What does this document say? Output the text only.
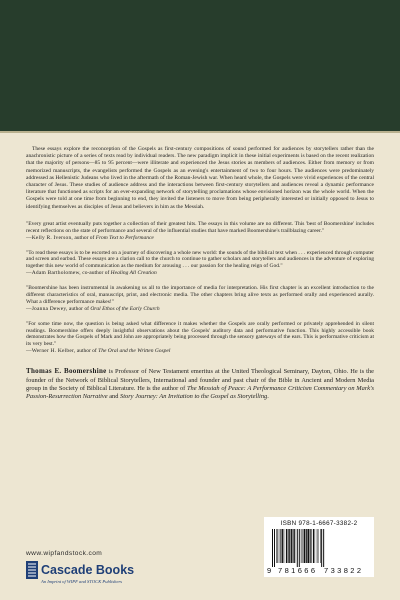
These essays explore the reconception of the Gospels as first-century compositions of sound performed for audiences by storytellers rather than the anachronistic picture of a series of texts read by individual readers. The new paradigm implicit in these initial experiments is based on the recent realization that the majority of persons—85 to 95 percent—were illiterate and experienced the Jesus stories as members of audiences. Either from memory or from memorized manuscripts, the evangelists performed the Gospels as an evening's entertainment of two to four hours. The audiences were predominately addressed as Hellenistic Judeans who lived in the aftermath of the Roman-Jewish war. When heard whole, the Gospels were vivid experiences of the central character of Jesus. These studies of audience address and the interactions between first-century storytellers and audiences reveal a dynamic performance literature that functioned as scripts for an ever-expanding network of storytelling proclamations whose envisioned horizon was the whole world. When the Gospels were told at one time from beginning to end, they invited the listeners to move from being peripherally interested or initially opposed to Jesus to identifying themselves as disciples of Jesus and believers in him as the Messiah.

"Every great artist eventually puts together a collection of their greatest hits. The essays in this volume are no different. This 'best of Boomershine' includes recent reflections on the state of performance and several of the influential studies that have marked Boomershine's trailblazing career."
—Kelly R. Iverson, author of From Text to Performance
"To read these essays is to be escorted on a journey of discovering a whole new world: the sounds of the biblical text when . . . experienced through computer and screen and earbud. These essays are a clarion call to the church to continue to gather scholars and storytellers and audiences in the adventure of exploring together this new world of communication as the medium for arousing . . . our passion for the healing reign of God."
—Adam Bartholomew, co-author of Healing All Creation
"Boomershine has been instrumental in awakening us all to the importance of media for interpretation. His first chapter is an excellent introduction to the different characteristics of oral, manuscript, print, and electronic media. The other chapters bring alive texts as performed orally and experienced aurally. What a difference performance makes!"
—Joanna Dewey, author of Oral Ethos of the Early Church
"For some time now, the question is being asked what difference it makes whether the Gospels are orally performed or privately apprehended in silent readings. Boomershine offers deeply insightful observations about the Gospels' auditory data and performative function. This highly accessible book demonstrates how the Gospels of Mark and John are appropriately being processed through the sensory gateways of the ears. This is performative criticism at its very best."
—Werner H. Kelber, author of The Oral and the Written Gospel

Thomas E. Boomershine is Professor of New Testament emeritus at the United Theological Seminary, Dayton, Ohio. He is the founder of the Network of Biblical Storytellers, International and founder and past chair of the Bible in Ancient and Modern Media group in the Society of Biblical Literature. He is the author of The Messiah of Peace: A Performance Criticism Commentary on Mark's Passion-Resurrection Narrative and Story Journey: An Invitation to the Gospel as Storytelling.

www.wipfandstock.com
Cascade Books
An Imprint of WIPF and STOCK Publishers
ISBN 978-1-6667-3382-2
9 781666 733822
